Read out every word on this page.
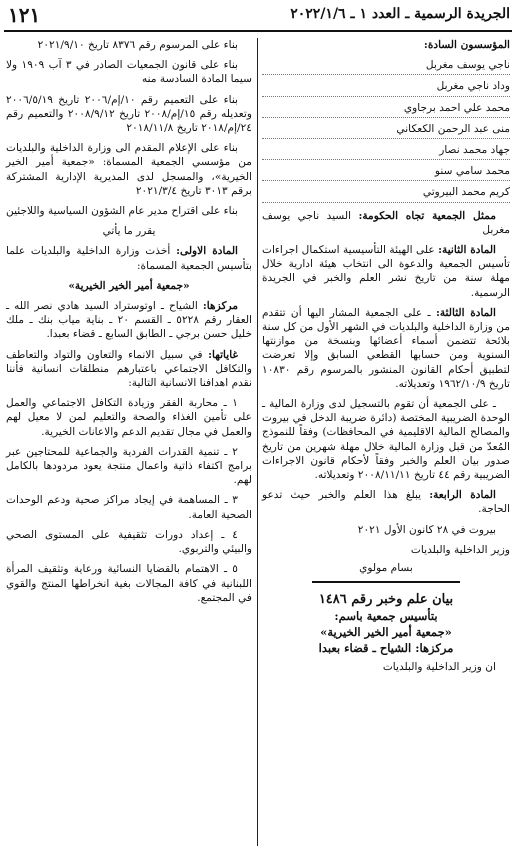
الجريدة الرسمية ـ العدد ١ ـ ٢٠٢٢/١/٦
١٢١

المؤسسون السادة:

ناجي يوسف مغربل
وداد ناجي مغربل
محمد علي احمد برجاوي
منى عبد الرحمن الكعكاني
جهاد محمد نصار
محمد سامي سنو
كريم محمد البيروتي

ممثل الجمعية تجاه الحكومة: السيد ناجي يوسف مغربل

المادة الثانية: على الهيئة التأسيسية استكمال اجراءات تأسيس الجمعية والدعوة الى انتخاب هيئة ادارية خلال مهلة سنة من تاريخ نشر العلم والخبر في الجريدة الرسمية.

المادة الثالثة: ـ على الجمعية المشار اليها أن تتقدم من وزارة الداخلية والبلديات في الشهر الأول من كل سنة بلائحة تتضمن أسماء أعضائها وبنسخة من موازنتها السنوية ومن حسابها القطعي السابق وإلا تعرضت لتطبيق أحكام القانون المنشور بالمرسوم رقم ١٠٨٣٠ تاريخ ١٩٦٢/١٠/٩ وتعديلاته.

ـ على الجمعية أن تقوم بالتسجيل لدى وزارة المالية ـ الوحدة الضريبية المختصة (دائرة ضريبة الدخل في بيروت والمصالح المالية الاقليمية في المحافظات) وفقاً للنموذج المُعدّ من قبل وزارة المالية خلال مهلة شهرين من تاريخ صدور بيان العلم والخبر وفقاً لأحكام قانون الاجراءات الضريبية رقم ٤٤ تاريخ ٢٠٠٨/١١/١١ وتعديلاته.

المادة الرابعة: يبلغ هذا العلم والخبر حيث تدعو الحاجة.

بيروت في ٢٨ كانون الأول ٢٠٢١

وزير الداخلية والبلديات

بسام مولوي

بيان علم وخبر رقم ١٤٨٦

بتأسيس جمعية باسم:

«جمعية أمير الخير الخيرية»

مركزها: الشياح ـ قضاء بعبدا

ان وزير الداخلية والبلديات

بناء على المرسوم رقم ٨٣٧٦ تاريخ ٢٠٢١/٩/١٠

بناء على قانون الجمعيات الصادر في ٣ آب ١٩٠٩ ولا سيما المادة السادسة منه

بناء على التعميم رقم ١٠/إم/٢٠٠٦ تاريخ ٢٠٠٦/٥/١٩ وتعديله رقم ١٥/إم/٢٠٠٨ تاريخ ٢٠٠٨/٩/١٢ والتعميم رقم ٢٤/إم/٢٠١٨ تاريخ ٢٠١٨/١١/٨

بناء على الإعلام المقدم الى وزارة الداخلية والبلديات من مؤسسي الجمعية المسماة: «جمعية أمير الخير الخيرية»، والمسجل لدى المديرية الإدارية المشتركة برقم ٣٠١٣ تاريخ ٢٠٢١/٣/٤

بناء على اقتراح مدير عام الشؤون السياسية واللاجئين

يقرر ما يأتي

المادة الاولى: أخذت وزارة الداخلية والبلديات علما بتأسيس الجمعية المسماة:

«جمعية أمير الخير الخيرية»

مركزها: الشياح ـ اوتوستراد السيد هادي نصر الله ـ العقار رقم ٥٢٢٨ ـ القسم ٢٠ ـ بناية مياب بنك ـ ملك خليل حسن برجي ـ الطابق السابع ـ قضاء بعبدا.

غاياتها: في سبيل الانماء والتعاون والتواد والتعاطف والتكافل الاجتماعي باعتبارهم منطلقات انسانية فأننا نقدم اهدافنا الانسانية التالية:

١ ـ محاربة الفقر وزيادة التكافل الاجتماعي والعمل على تأمين الغذاء والصحة والتعليم لمن لا معيل لهم والعمل في مجال تقديم الدعم والاعانات الخيرية.

٢ ـ تنمية القدرات الفردية والجماعية للمحتاجين عبر برامج اكتفاء ذاتية واعمال منتجة يعود مردودها بالكامل لهم.

٣ ـ المساهمة في إيجاد مراكز صحية ودعم الوحدات الصحية العامة.

٤ ـ إعداد دورات تثقيفية على المستوى الصحي والبيئي والتربوي.

٥ ـ الاهتمام بالقضايا النسائية ورعاية وتثقيف المرأة اللبنانية في كافة المجالات بغية انخراطها المنتج والقوي في المجتمع.
